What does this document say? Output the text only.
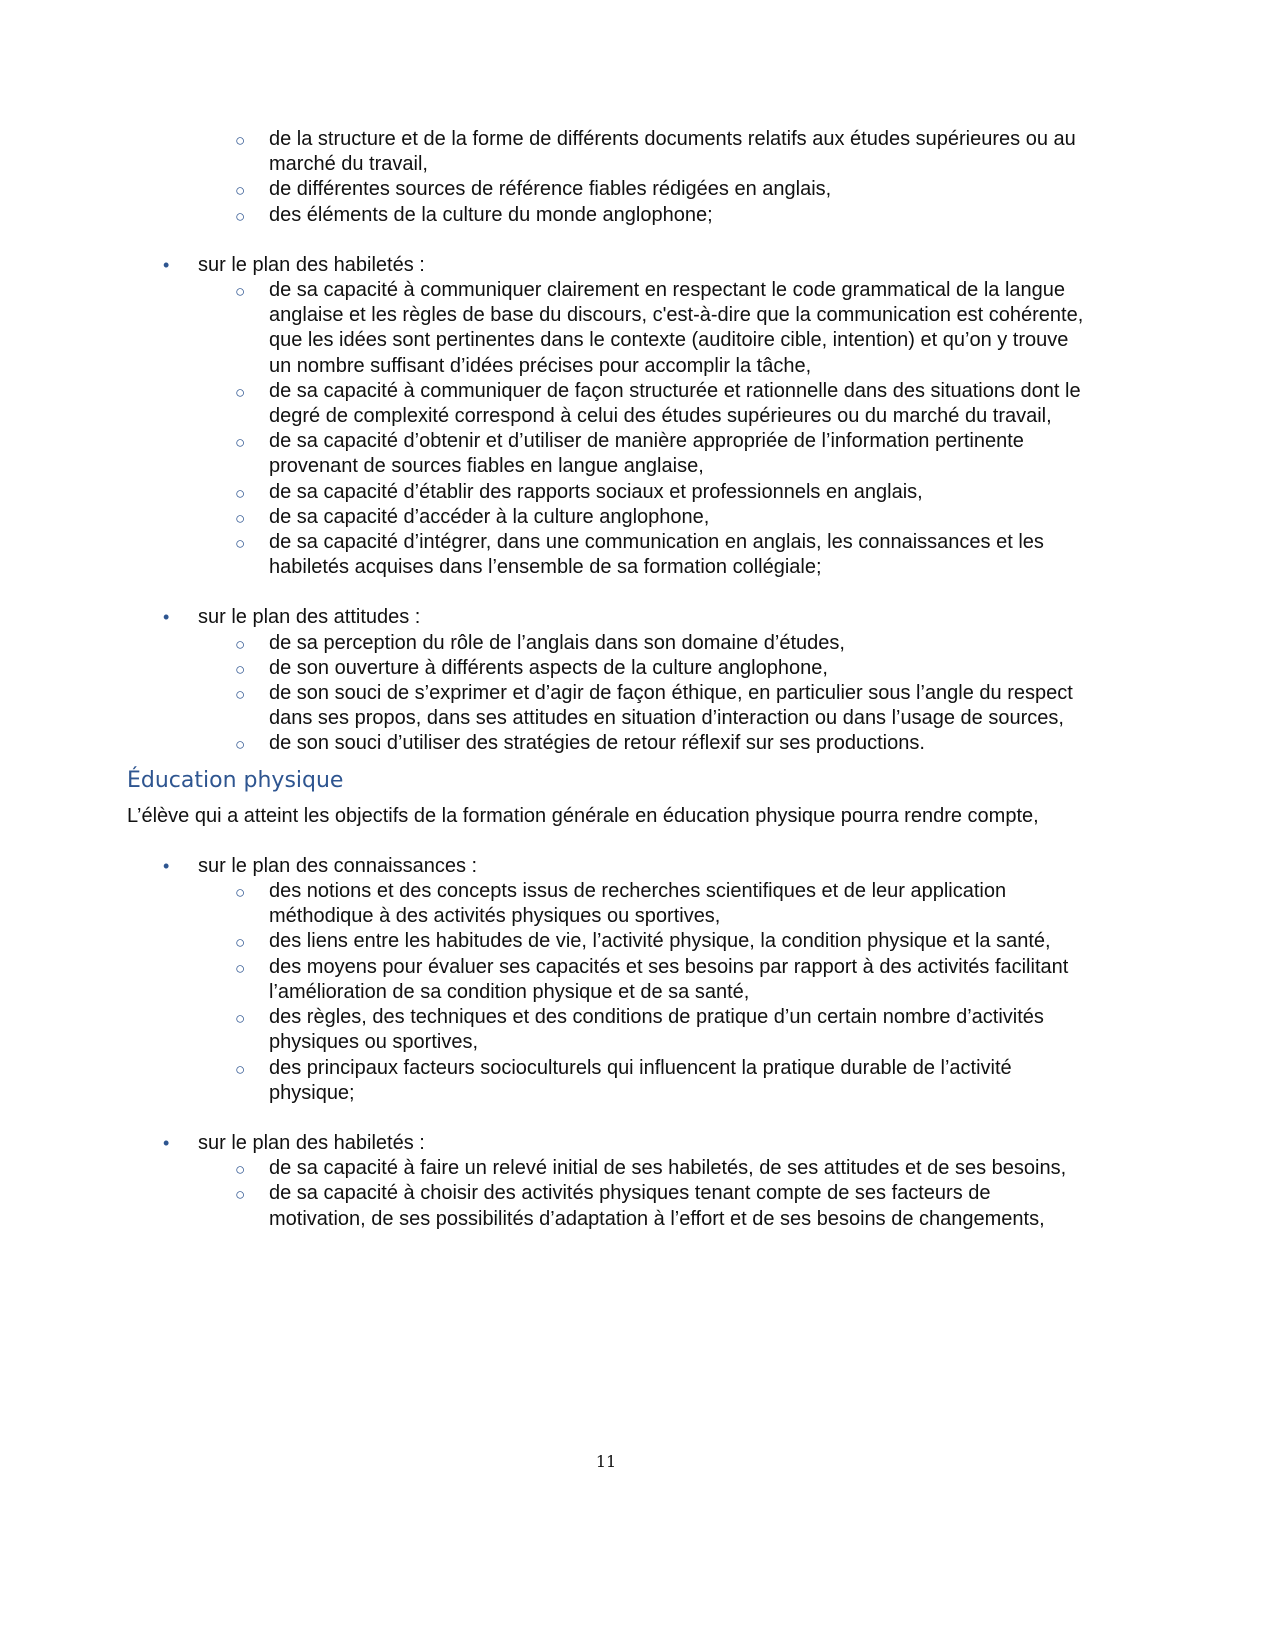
○ de la structure et de la forme de différents documents relatifs aux études supérieures ou au marché du travail,
○ de différentes sources de référence fiables rédigées en anglais,
○ des éléments de la culture du monde anglophone;
• sur le plan des habiletés :
○ de sa capacité à communiquer clairement en respectant le code grammatical de la langue anglaise et les règles de base du discours, c'est-à-dire que la communication est cohérente, que les idées sont pertinentes dans le contexte (auditoire cible, intention) et qu’on y trouve un nombre suffisant d’idées précises pour accomplir la tâche,
○ de sa capacité à communiquer de façon structurée et rationnelle dans des situations dont le degré de complexité correspond à celui des études supérieures ou du marché du travail,
○ de sa capacité d’obtenir et d’utiliser de manière appropriée de l’information pertinente provenant de sources fiables en langue anglaise,
○ de sa capacité d’établir des rapports sociaux et professionnels en anglais,
○ de sa capacité d’accéder à la culture anglophone,
○ de sa capacité d’intégrer, dans une communication en anglais, les connaissances et les habiletés acquises dans l’ensemble de sa formation collégiale;
• sur le plan des attitudes :
○ de sa perception du rôle de l’anglais dans son domaine d’études,
○ de son ouverture à différents aspects de la culture anglophone,
○ de son souci de s’exprimer et d’agir de façon éthique, en particulier sous l’angle du respect dans ses propos, dans ses attitudes en situation d’interaction ou dans l’usage de sources,
○ de son souci d’utiliser des stratégies de retour réflexif sur ses productions.
Éducation physique
L’élève qui a atteint les objectifs de la formation générale en éducation physique pourra rendre compte,
• sur le plan des connaissances :
○ des notions et des concepts issus de recherches scientifiques et de leur application méthodique à des activités physiques ou sportives,
○ des liens entre les habitudes de vie, l’activité physique, la condition physique et la santé,
○ des moyens pour évaluer ses capacités et ses besoins par rapport à des activités facilitant l’amélioration de sa condition physique et de sa santé,
○ des règles, des techniques et des conditions de pratique d’un certain nombre d’activités physiques ou sportives,
○ des principaux facteurs socioculturels qui influencent la pratique durable de l’activité physique;
• sur le plan des habiletés :
○ de sa capacité à faire un relevé initial de ses habiletés, de ses attitudes et de ses besoins,
○ de sa capacité à choisir des activités physiques tenant compte de ses facteurs de motivation, de ses possibilités d’adaptation à l’effort et de ses besoins de changements,
11
